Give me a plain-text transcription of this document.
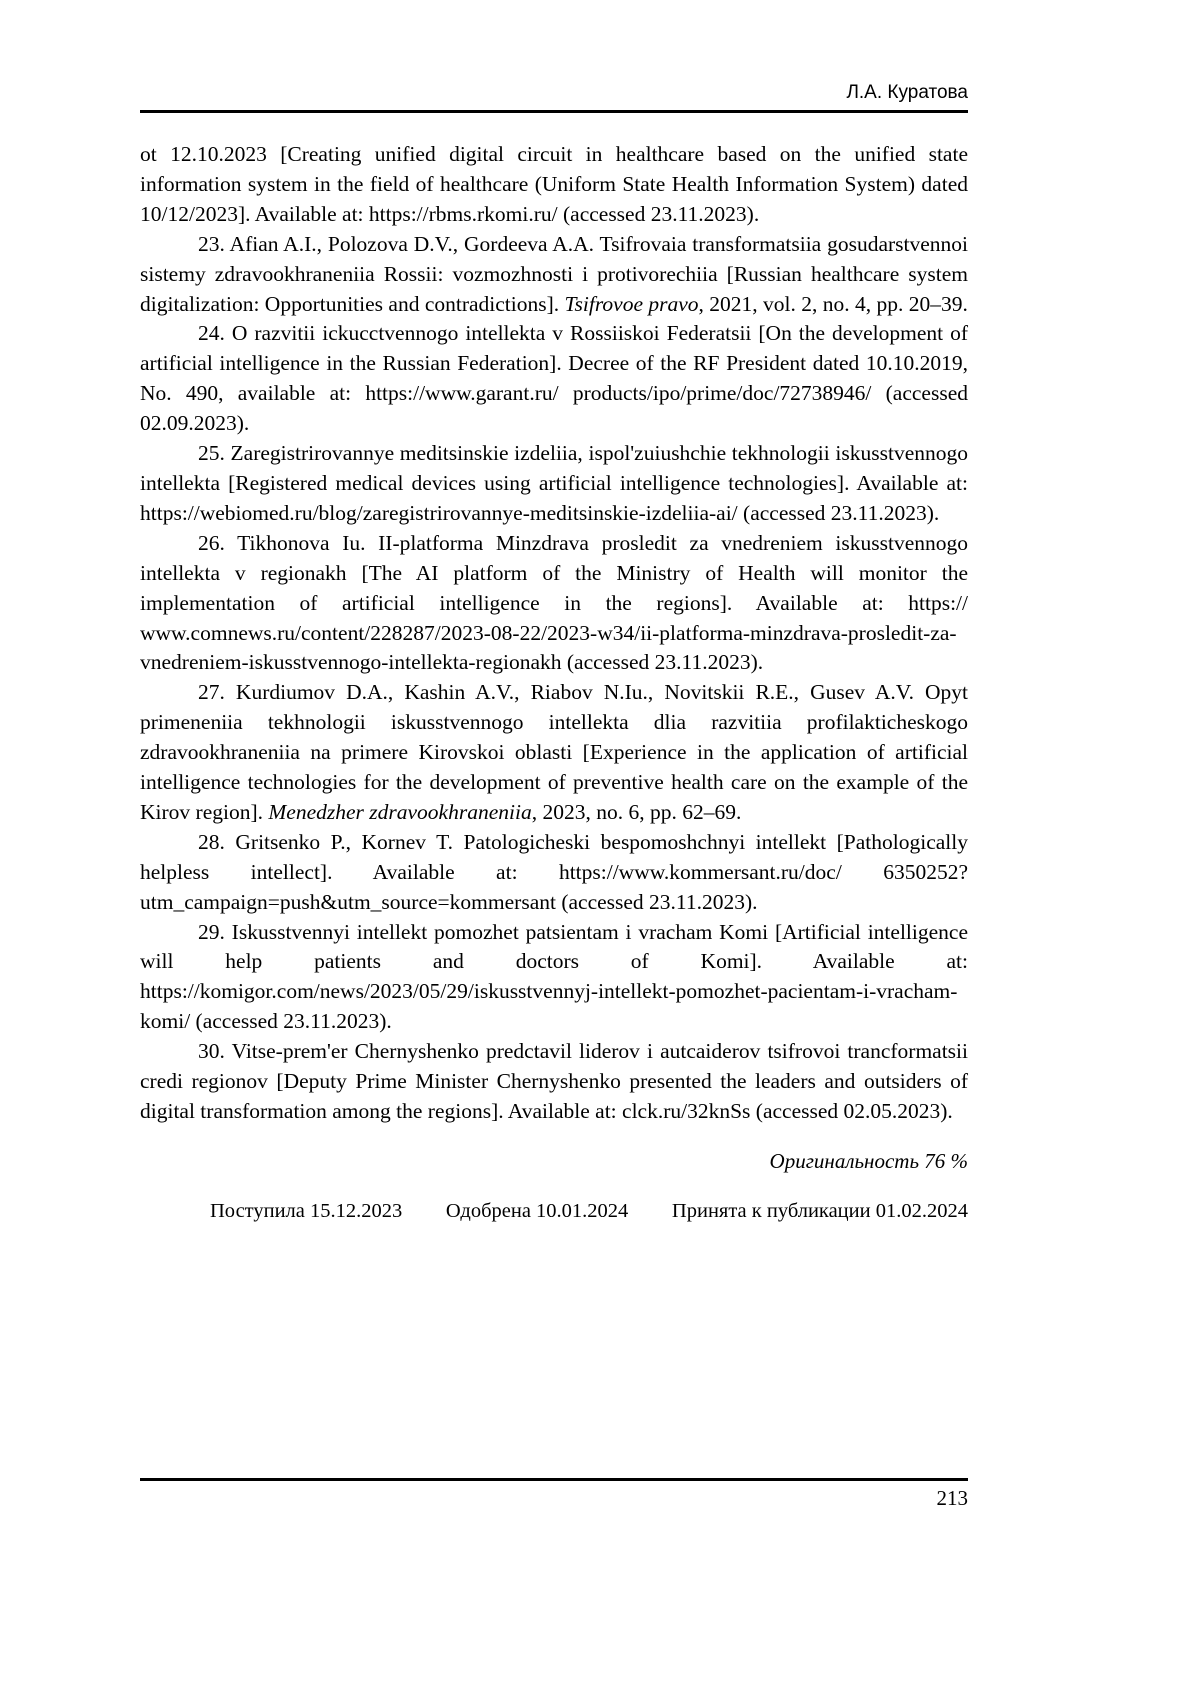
Л.А. Куратова

ot 12.10.2023 [Creating unified digital circuit in healthcare based on the unified state information system in the field of healthcare (Uniform State Health Information System) dated 10/12/2023]. Available at: https://rbms.rkomi.ru/ (accessed 23.11.2023).

23. Afian A.I., Polozova D.V., Gordeeva A.A. Tsifrovaia transformatsiia gosudarstvennoi sistemy zdravookhraneniia Rossii: vozmozhnosti i protivorechiia [Russian healthcare system digitalization: Opportunities and contradictions]. Tsifrovoe pravo, 2021, vol. 2, no. 4, pp. 20–39.

24. O razvitii ickucctvennogo intellekta v Rossiiskoi Federatsii [On the development of artificial intelligence in the Russian Federation]. Decree of the RF President dated 10.10.2019, No. 490, available at: https://www.garant.ru/ products/ipo/prime/doc/72738946/ (accessed 02.09.2023).

25. Zaregistrirovannye meditsinskie izdeliia, ispol'zuiushchie tekhnologii iskusstvennogo intellekta [Registered medical devices using artificial intelligence technologies]. Available at: https://webiomed.ru/blog/zaregistrirovannye-meditsinskie-izdeliia-ai/ (accessed 23.11.2023).

26. Tikhonova Iu. II-platforma Minzdrava prosledit za vnedreniem iskusstvennogo intellekta v regionakh [The AI platform of the Ministry of Health will monitor the implementation of artificial intelligence in the regions]. Available at: https:// www.comnews.ru/content/228287/2023-08-22/2023-w34/ii-platforma-minzdrava-prosledit-za-vnedreniem-iskusstvennogo-intellekta-regionakh (accessed 23.11.2023).

27. Kurdiumov D.A., Kashin A.V., Riabov N.Iu., Novitskii R.E., Gusev A.V. Opyt primeneniia tekhnologii iskusstvennogo intellekta dlia razvitiia profilakticheskogo zdravookhraneniia na primere Kirovskoi oblasti [Experience in the application of artificial intelligence technologies for the development of preventive health care on the example of the Kirov region]. Menedzher zdravookhraneniia, 2023, no. 6, pp. 62–69.

28. Gritsenko P., Kornev T. Patologicheski bespomoshchnyi intellekt [Pathologically helpless intellect]. Available at: https://www.kommersant.ru/doc/ 6350252?utm_campaign=push&utm_source=kommersant (accessed 23.11.2023).

29. Iskusstvennyi intellekt pomozhet patsientam i vracham Komi [Artificial intelligence will help patients and doctors of Komi]. Available at: https://komigor.com/news/2023/05/29/iskusstvennyj-intellekt-pomozhet-pacientam-i-vracham-komi/ (accessed 23.11.2023).

30. Vitse-prem'er Chernyshenko predctavil liderov i autcaiderov tsifrovoi trancformatsii credi regionov [Deputy Prime Minister Chernyshenko presented the leaders and outsiders of digital transformation among the regions]. Available at: clck.ru/32knSs (accessed 02.05.2023).

Оригинальность 76 %
Поступила 15.12.2023 Одобрена 10.01.2024 Принята к публикации 01.02.2024
213
